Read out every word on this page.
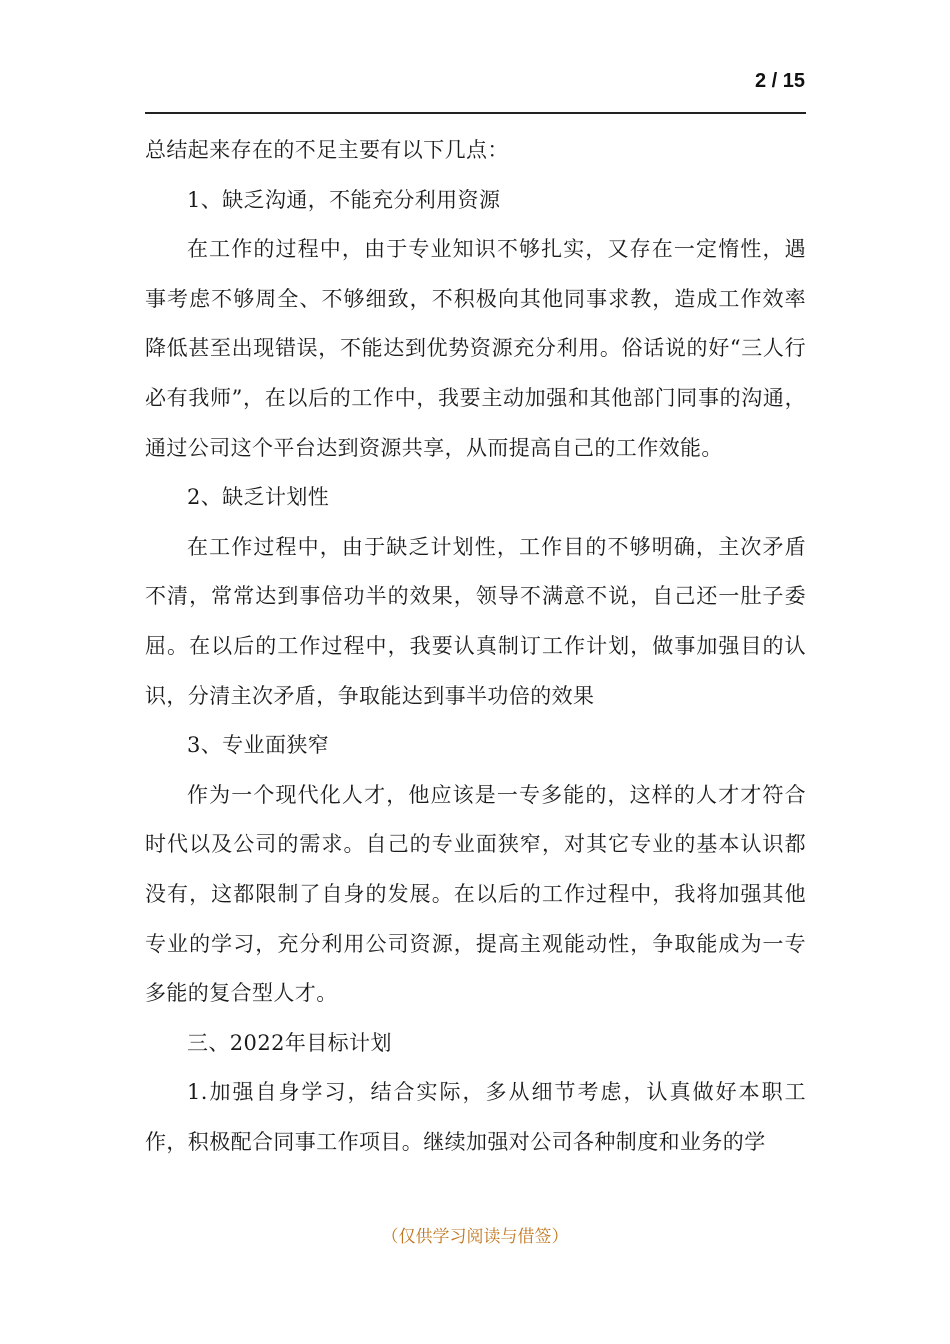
2 / 15

总结起来存在的不足主要有以下几点：

1、缺乏沟通，不能充分利用资源

在工作的过程中，由于专业知识不够扎实，又存在一定惰性，遇事考虑不够周全、不够细致，不积极向其他同事求教，造成工作效率降低甚至出现错误，不能达到优势资源充分利用。俗话说的好“三人行必有我师”，在以后的工作中，我要主动加强和其他部门同事的沟通，通过公司这个平台达到资源共享，从而提高自己的工作效能。

2、缺乏计划性

在工作过程中，由于缺乏计划性，工作目的不够明确，主次矛盾不清，常常达到事倍功半的效果，领导不满意不说，自己还一肚子委屈。在以后的工作过程中，我要认真制订工作计划，做事加强目的认识，分清主次矛盾，争取能达到事半功倍的效果

3、专业面狭窄

作为一个现代化人才，他应该是一专多能的，这样的人才才符合时代以及公司的需求。自己的专业面狭窄，对其它专业的基本认识都没有，这都限制了自身的发展。在以后的工作过程中，我将加强其他专业的学习，充分利用公司资源，提高主观能动性，争取能成为一专多能的复合型人才。

三、2022年目标计划

1.加强自身学习，结合实际，多从细节考虑，认真做好本职工作，积极配合同事工作项目。继续加强对公司各种制度和业务的学

（仅供学习阅读与借签）
